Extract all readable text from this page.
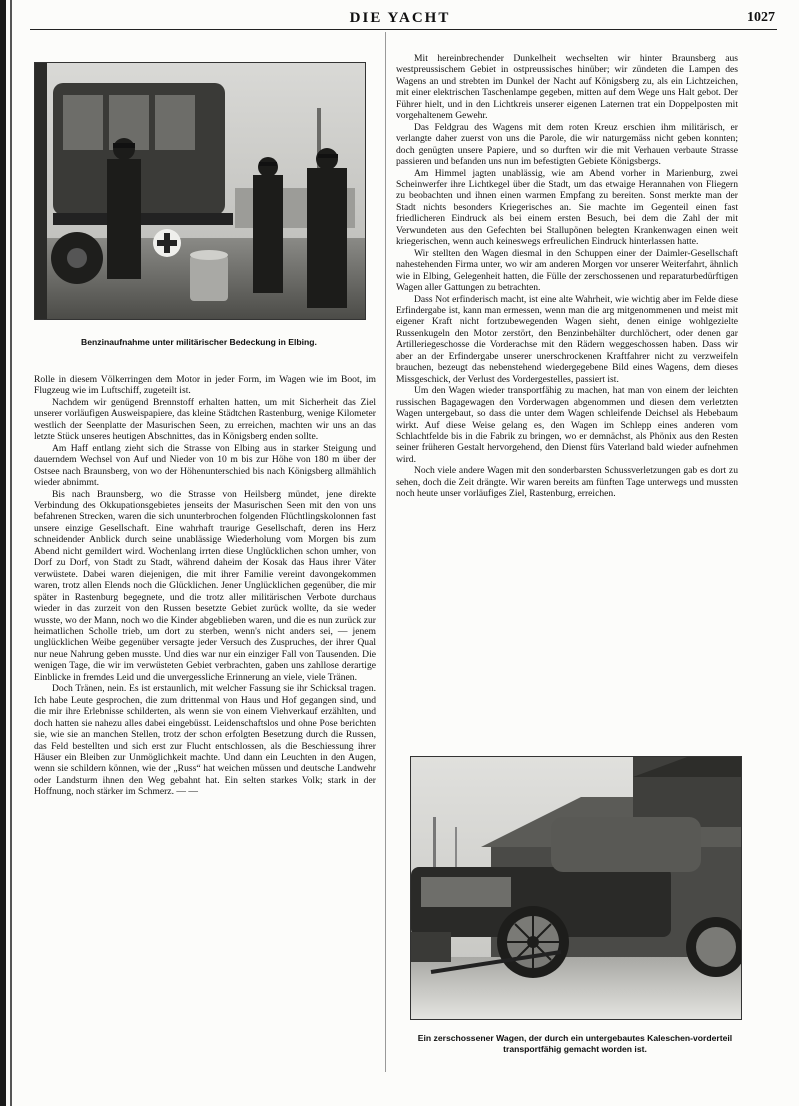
DIE YACHT	1027
Benzinaufnahme unter militärischer Bedeckung in Elbing.

Rolle in diesem Völkerringen dem Motor in jeder Form, im Wagen wie im Boot, im Flugzeug wie im Luftschiff, zugeteilt ist.

Nachdem wir genügend Brennstoff erhalten hatten, um mit Sicherheit das Ziel unserer vorläufigen Ausweispapiere, das kleine Städtchen Rastenburg, wenige Kilometer westlich der Seenplatte der Masurischen Seen, zu erreichen, machten wir uns an das letzte Stück unseres heutigen Abschnittes, das in Königsberg enden sollte.

Am Haff entlang zieht sich die Strasse von Elbing aus in starker Steigung und dauerndem Wechsel von Auf und Nieder von 10 m bis zur Höhe von 180 m über der Ostsee nach Braunsberg, von wo der Höhenunterschied bis nach Königsberg allmählich wieder abnimmt.

Bis nach Braunsberg, wo die Strasse von Heilsberg mündet, jene direkte Verbindung des Okkupationsgebietes jenseits der Masurischen Seen mit den von uns befahrenen Strecken, waren die sich ununterbrochen folgenden Flüchtlingskolonnen fast unsere einzige Gesellschaft. Eine wahrhaft traurige Gesellschaft, deren ins Herz schneidender Anblick durch seine unablässige Wiederholung vom Morgen bis zum Abend nicht gemildert wird. Wochenlang irrten diese Unglücklichen schon umher, von Dorf zu Dorf, von Stadt zu Stadt, während daheim der Kosak das Haus ihrer Väter verwüstete. Dabei waren diejenigen, die mit ihrer Familie vereint davongekommen waren, trotz allen Elends noch die Glücklichen. Jener Unglücklichen gegenüber, die mir später in Rastenburg begegnete, und die trotz aller militärischen Verbote durchaus wieder in das zurzeit von den Russen besetzte Gebiet zurück wollte, da sie weder wusste, wo der Mann, noch wo die Kinder abgeblieben waren, und die es nun zurück zur heimatlichen Scholle trieb, um dort zu sterben, wenn's nicht anders sei, — jenem unglücklichen Weibe gegenüber versagte jeder Versuch des Zuspruches, der ihrer Qual nur neue Nahrung geben musste. Und dies war nur ein einziger Fall von Tausenden. Die wenigen Tage, die wir im verwüsteten Gebiet verbrachten, gaben uns zahllose derartige Einblicke in fremdes Leid und die unvergessliche Erinnerung an viele, viele Tränen.

Doch Tränen, nein. Es ist erstaunlich, mit welcher Fassung sie ihr Schicksal tragen. Ich habe Leute gesprochen, die zum drittenmal von Haus und Hof gegangen sind, und die mir ihre Erlebnisse schilderten, als wenn sie von einem Viehverkauf erzählten, und doch hatten sie nahezu alles dabei eingebüsst. Leidenschaftslos und ohne Pose berichten sie, wie sie an manchen Stellen, trotz der schon erfolgten Besetzung durch die Russen, das Feld bestellten und sich erst zur Flucht entschlossen, als die Beschiessung ihrer Häuser ein Bleiben zur Unmöglichkeit machte. Und dann ein Leuchten in den Augen, wenn sie schildern können, wie der „Russ“ hat weichen müssen und deutsche Landwehr oder Landsturm ihnen den Weg gebahnt hat. Ein selten starkes Volk; stark in der Hoffnung, noch stärker im Schmerz. — —

Mit hereinbrechender Dunkelheit wechselten wir hinter Braunsberg aus westpreussischem Gebiet in ostpreussisches hinüber; wir zündeten die Lampen des Wagens an und strebten im Dunkel der Nacht auf Königsberg zu, als ein Lichtzeichen, mit einer elektrischen Taschenlampe gegeben, mitten auf dem Wege uns Halt gebot. Der Führer hielt, und in den Lichtkreis unserer eigenen Laternen trat ein Doppelposten mit vorgehaltenem Gewehr.

Das Feldgrau des Wagens mit dem roten Kreuz erschien ihm militärisch, er verlangte daher zuerst von uns die Parole, die wir naturgemäss nicht geben konnten; doch genügten unsere Papiere, und so durften wir die mit Verhauen verbaute Strasse passieren und befanden uns nun im befestigten Gebiete Königsbergs.

Am Himmel jagten unablässig, wie am Abend vorher in Marienburg, zwei Scheinwerfer ihre Lichtkegel über die Stadt, um das etwaige Herannahen von Fliegern zu beobachten und ihnen einen warmen Empfang zu bereiten. Sonst merkte man der Stadt nichts besonders Kriegerisches an. Sie machte im Gegenteil einen fast friedlicheren Eindruck als bei einem ersten Besuch, bei dem die Zahl der mit Verwundeten aus den Gefechten bei Stallupönen belegten Krankenwagen einen weit kriegerischen, wenn auch keineswegs erfreulichen Eindruck hinterlassen hatte.

Wir stellten den Wagen diesmal in den Schuppen einer der Daimler-Gesellschaft nahestehenden Firma unter, wo wir am anderen Morgen vor unserer Weiterfahrt, ähnlich wie in Elbing, Gelegenheit hatten, die Fülle der zerschossenen und reparaturbedürftigen Wagen aller Gattungen zu betrachten.

Dass Not erfinderisch macht, ist eine alte Wahrheit, wie wichtig aber im Felde diese Erfindergabe ist, kann man ermessen, wenn man die arg mitgenommenen und meist mit eigener Kraft nicht fortzubewegenden Wagen sieht, denen einige wohlgezielte Russenkugeln den Motor zerstört, den Benzinbehälter durchlöchert, oder denen gar Artilleriegeschosse die Vorderachse mit den Rädern weggeschossen haben. Dass wir aber an der Erfindergabe unserer unerschrockenen Kraftfahrer nicht zu verzweifeln brauchen, bezeugt das nebenstehend wiedergegebene Bild eines Wagens, dem dieses Missgeschick, der Verlust des Vordergestelles, passiert ist.

Um den Wagen wieder transportfähig zu machen, hat man von einem der leichten russischen Bagagewagen den Vorderwagen abgenommen und diesen dem verletzten Wagen untergebaut, so dass die unter dem Wagen schleifende Deichsel als Hebebaum wirkt. Auf diese Weise gelang es, den Wagen im Schlepp eines anderen vom Schlachtfelde bis in die Fabrik zu bringen, wo er demnächst, als Phönix aus den Resten seiner früheren Gestalt hervorgehend, den Dienst fürs Vaterland bald wieder aufnehmen wird.

Noch viele andere Wagen mit den sonderbarsten Schussverletzungen gab es dort zu sehen, doch die Zeit drängte. Wir waren bereits am fünften Tage unterwegs und mussten noch heute unser vorläufiges Ziel, Rastenburg, erreichen.

Ein zerschossener Wagen, der durch ein untergebautes Kaleschen-vorderteil transportfähig gemacht worden ist.
